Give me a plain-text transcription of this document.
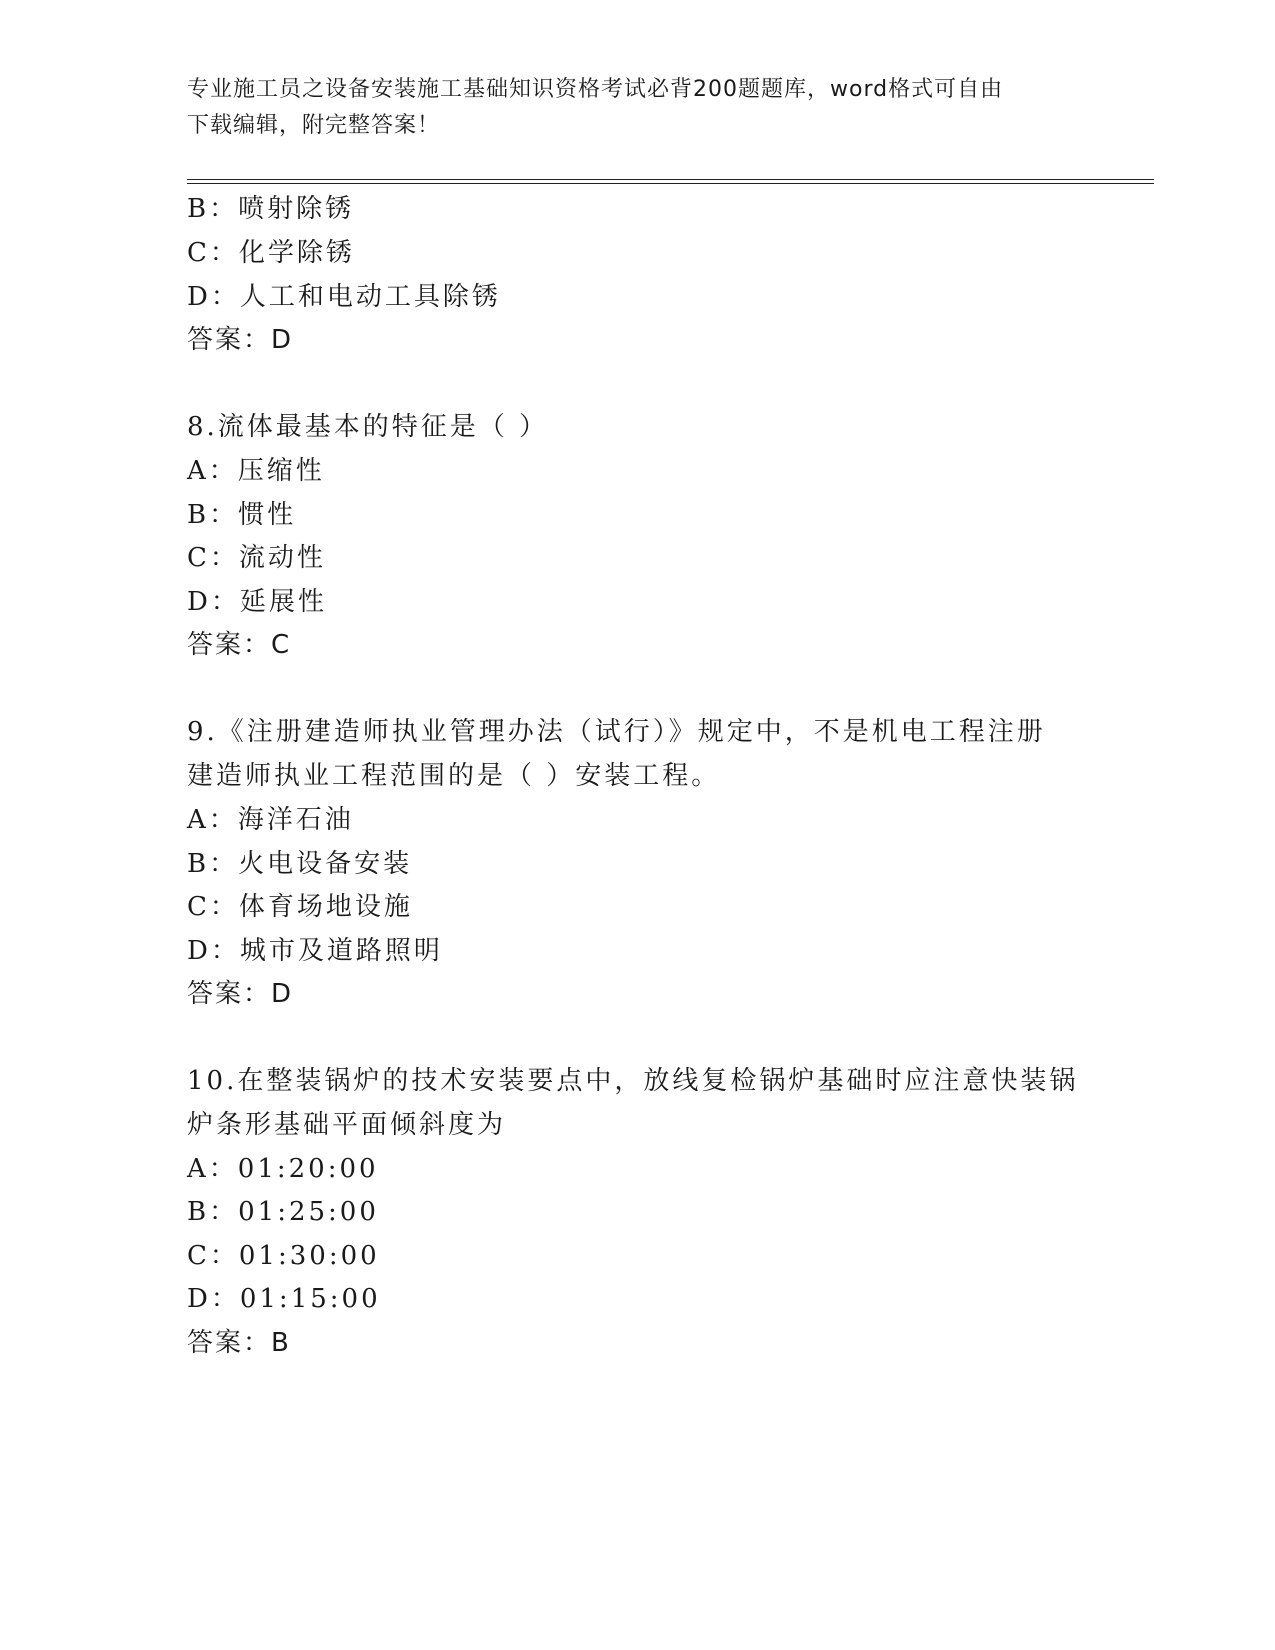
专业施工员之设备安装施工基础知识资格考试必背200题题库，word格式可自由
下载编辑，附完整答案！
B：喷射除锈
C：化学除锈
D：人工和电动工具除锈
答案：D
8.流体最基本的特征是（ ）
A：压缩性
B：惯性
C：流动性
D：延展性
答案：C
9.《注册建造师执业管理办法（试行）》规定中，不是机电工程注册
建造师执业工程范围的是（ ）安装工程。
A：海洋石油
B：火电设备安装
C：体育场地设施
D：城市及道路照明
答案：D
10.在整装锅炉的技术安装要点中，放线复检锅炉基础时应注意快装锅
炉条形基础平面倾斜度为
A：01:20:00
B：01:25:00
C：01:30:00
D：01:15:00
答案：B
